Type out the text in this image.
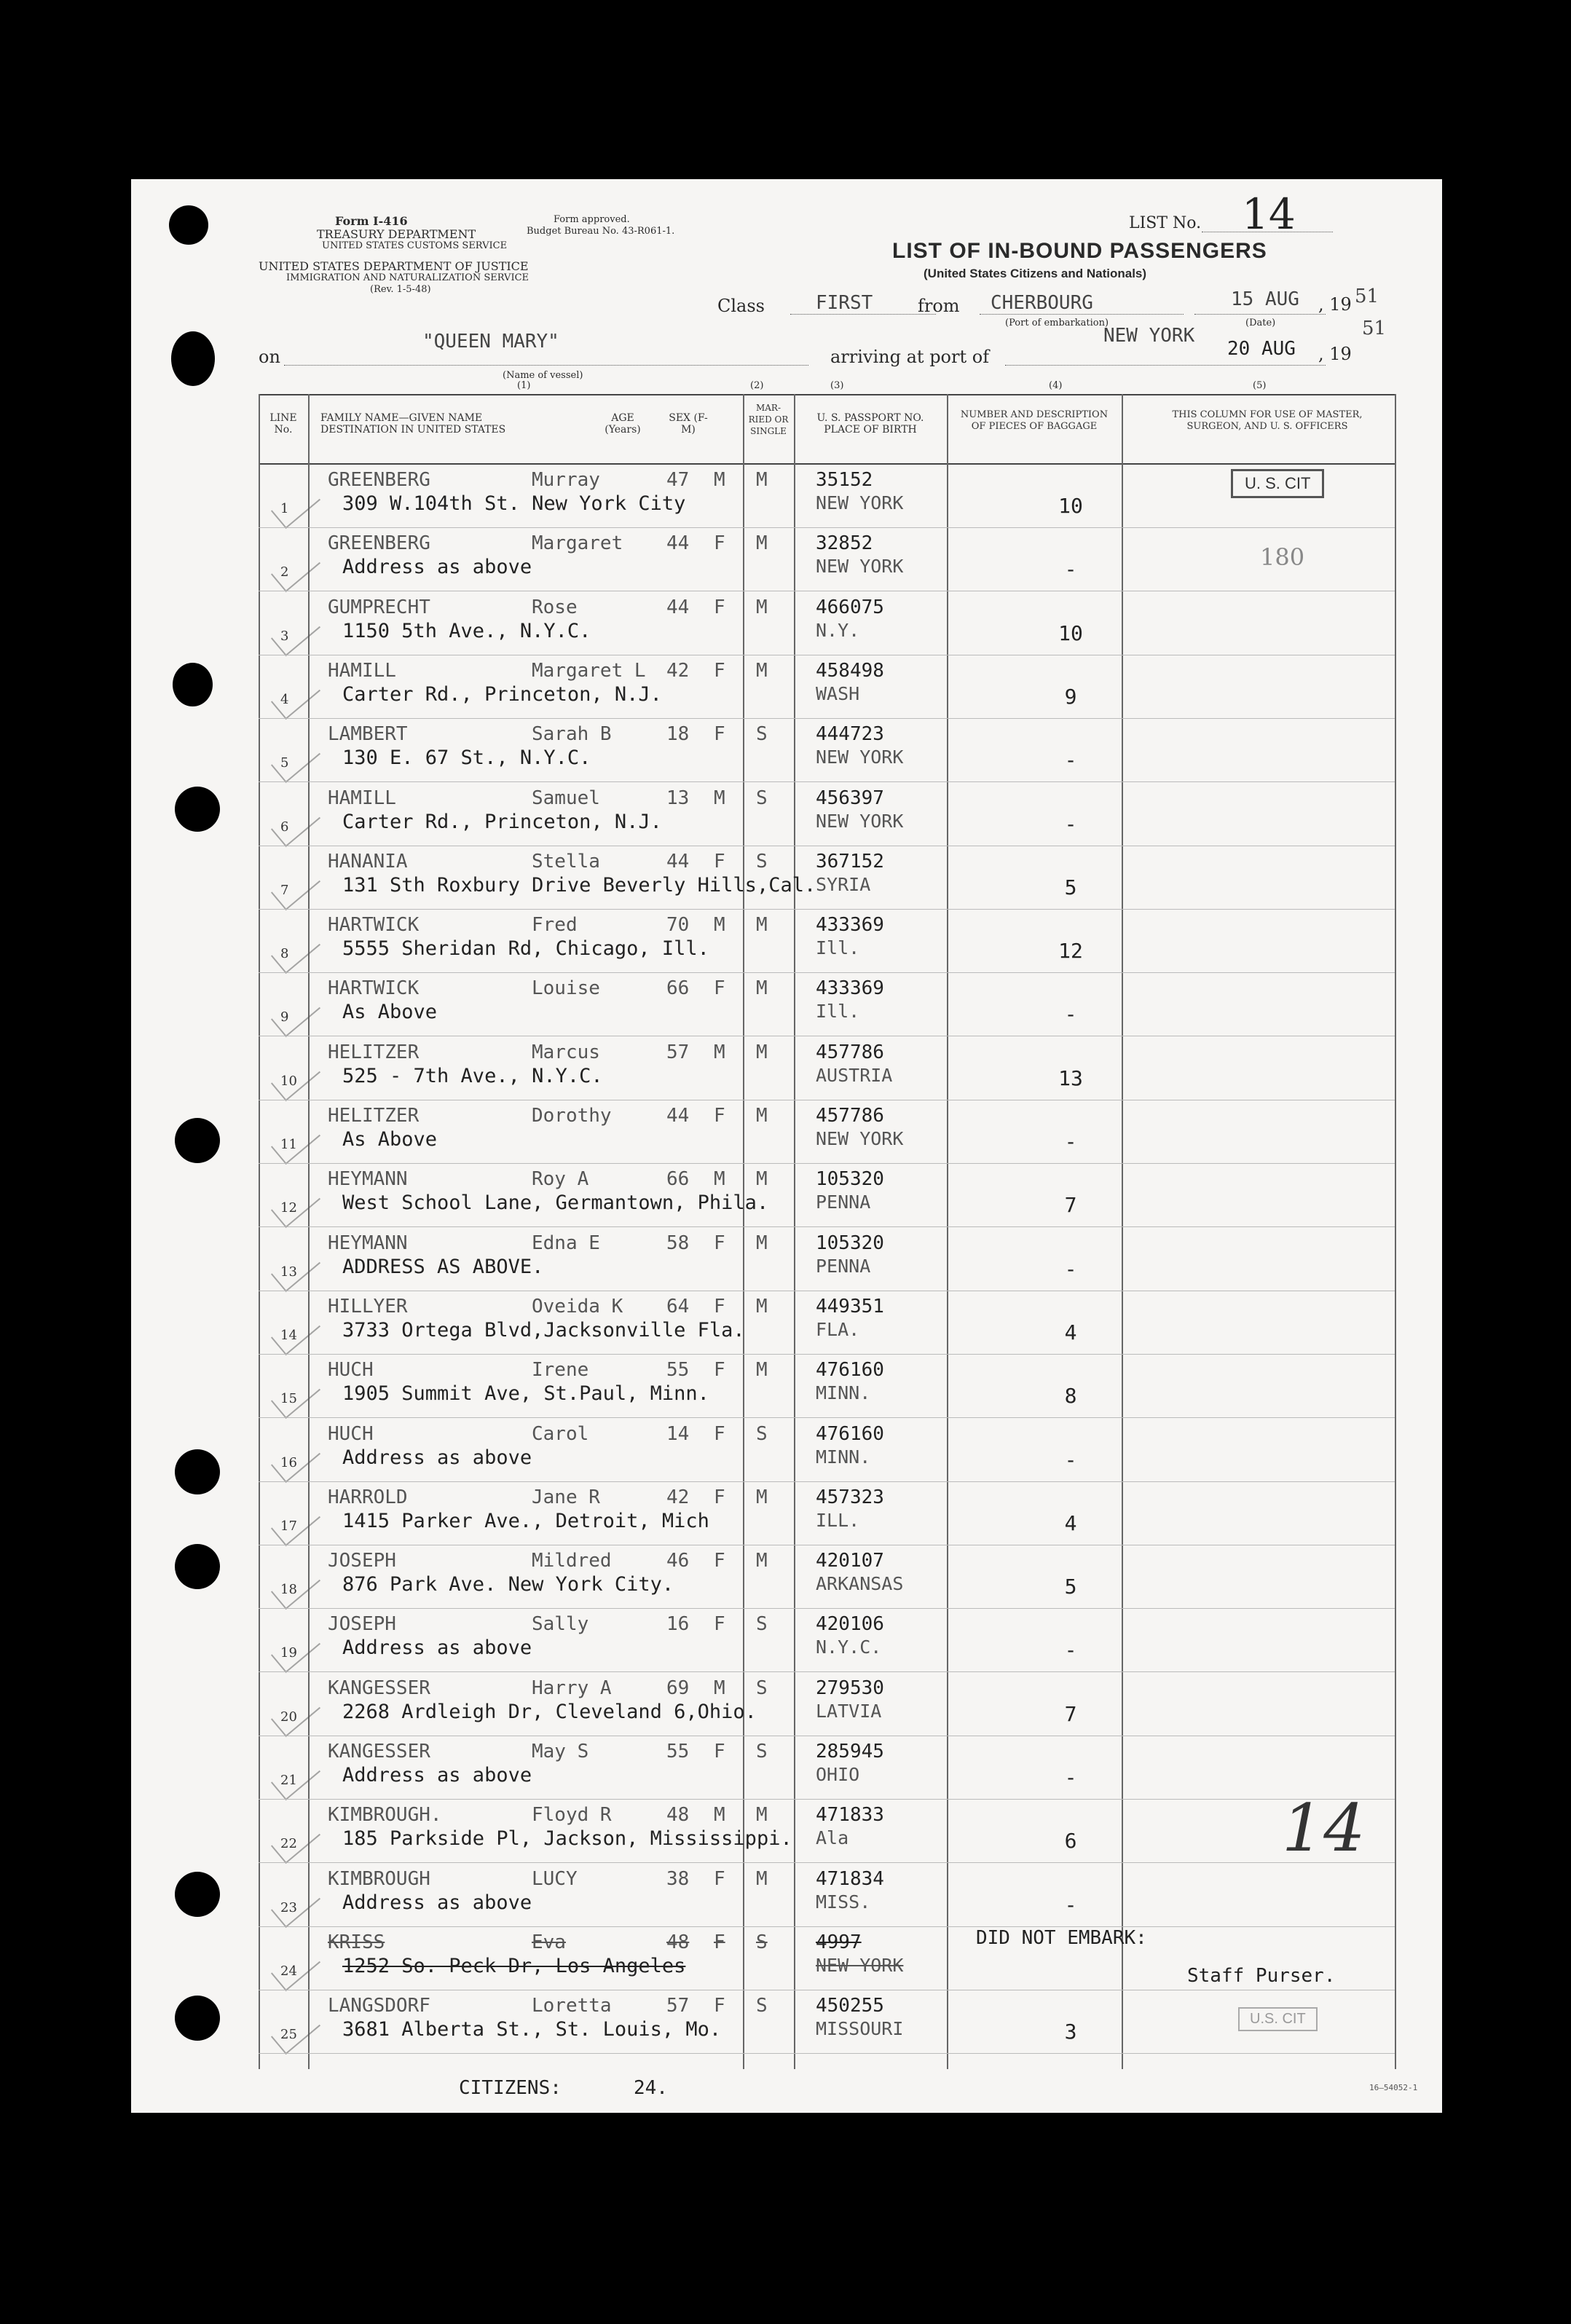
Form I-416
TREASURY DEPARTMENT
UNITED STATES CUSTOMS SERVICE
Form approved.
Budget Bureau No. 43-R061-1.
UNITED STATES DEPARTMENT OF JUSTICE
IMMIGRATION AND NATURALIZATION SERVICE
(Rev. 1-5-48)
LIST No. 14
LIST OF IN-BOUND PASSENGERS
(United States Citizens and Nationals)
Class	FIRST	from CHERBOURG
(Port of embarkation)
15 AUG , 19 51
(Date)
on
"QUEEN MARY"
(Name of vessel)
arriving at port of
NEW YORK
20 AUG , 19
51
(1)	(2)	(3)	(4)	(5)
LINE No.
FAMILY NAME—GIVEN NAME DESTINATION IN UNITED STATES
AGE (Years)
SEX (F-M)
MAR-RIED OR SINGLE
U. S. PASSPORT NO. PLACE OF BIRTH
NUMBER AND DESCRIPTION OF PIECES OF BAGGAGE
THIS COLUMN FOR USE OF MASTER, SURGEON, AND U. S. OFFICERS
U. S. CIT
180
U.S. CIT
1
GREENBERG	Murray	47 M M
309 W.104th St. New York City
35152
NEW YORK	10
2
GREENBERG	Margaret 44 F M
Address as above
32852
NEW YORK	-
3
GUMPRECHT	Rose	44 F M
1150 5th Ave., N.Y.C.
466075
N.Y.	10
4
HAMILL	Margaret L 42 F M
Carter Rd., Princeton, N.J.
458498
WASH	9
5
LAMBERT	Sarah B	18 F S
130 E. 67 St., N.Y.C.
444723
NEW YORK	-
6
HAMILL	Samuel	13 M S
Carter Rd., Princeton, N.J.
456397
NEW YORK	-
7
HANANIA	Stella	44 F S
131 Sth Roxbury Drive Beverly Hills,Cal.
367152
SYRIA	5
8
HARTWICK	Fred	70 M M
5555 Sheridan Rd, Chicago, Ill.
433369
Ill.	12
9
HARTWICK	Louise	66 F M
As Above
433369
Ill.	-
10
HELITZER	Marcus	57 M M
525 - 7th Ave., N.Y.C.
457786
AUSTRIA	13
11
HELITZER	Dorothy	44 F M
As Above
457786
NEW YORK	-
12
HEYMANN	Roy A	66 M M
West School Lane, Germantown, Phila.
105320
PENNA	7
13
HEYMANN	Edna E	58 F M
ADDRESS AS ABOVE.
105320
PENNA	-
14
HILLYER	Oveida K 64 F M
3733 Ortega Blvd,Jacksonville Fla.
449351
FLA.	4
15
HUCH	Irene	55 F M
1905 Summit Ave, St.Paul, Minn.
476160
MINN.	8
16
HUCH	Carol	14 F S
Address as above
476160
MINN.	-
17
HARROLD	Jane R	42 F M
1415 Parker Ave., Detroit, Mich
457323
ILL.	4
18
JOSEPH	Mildred	46 F M
876 Park Ave. New York City.
420107
ARKANSAS	5
19
JOSEPH	Sally	16 F S
Address as above
420106
N.Y.C.	-
20
KANGESSER	Harry A	69 M S
2268 Ardleigh Dr, Cleveland 6,Ohio.
279530
LATVIA	7
21
KANGESSER	May S	55 F S
Address as above
285945
OHIO	-
22
KIMBROUGH.	Floyd R	48 M M
185 Parkside Pl, Jackson, Mississippi.
471833
Ala	6
23
KIMBROUGH	LUCY	38 F M
Address as above
471834
MISS.	-
24
KRISS	Eva	48 F S
1252 So. Peck Dr, Los Angeles
4997
NEW YORK
25
LANGSDORF	Loretta	57 F S
3681 Alberta St., St. Louis, Mo.
450255
MISSOURI	3
DID NOT EMBARK:
Staff Purser.
CITIZENS:	24.
14
16—54052-1
